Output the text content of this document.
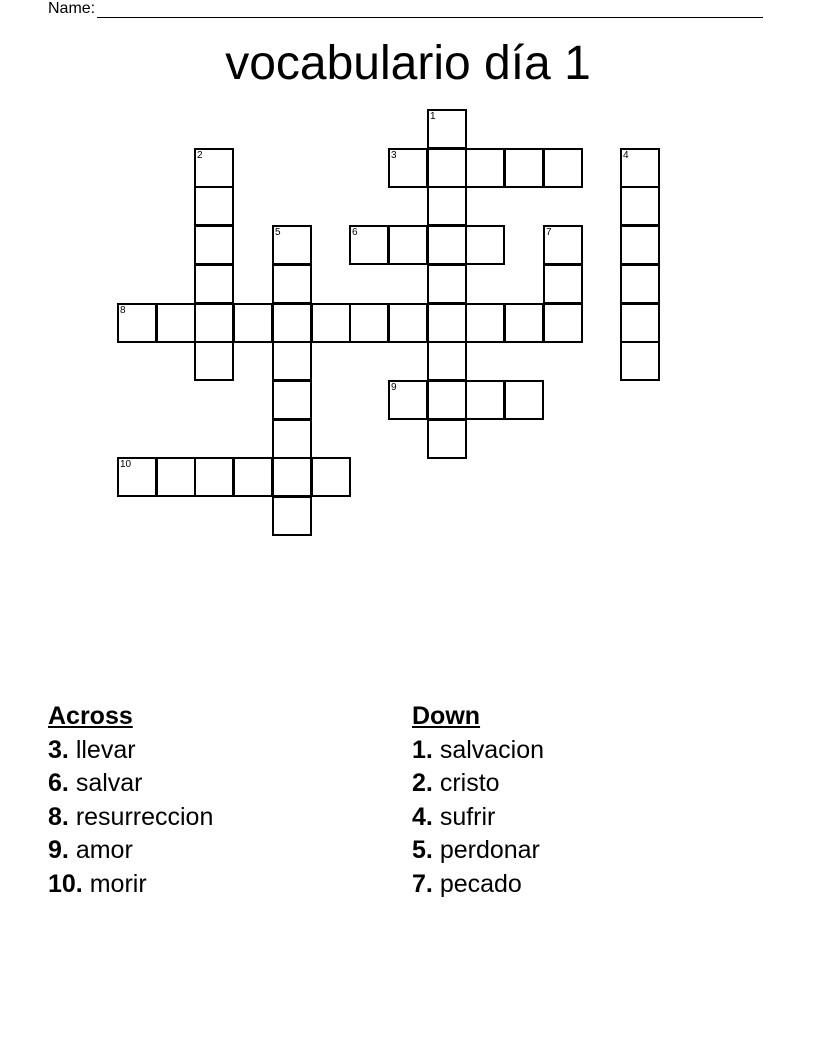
Name:
vocabulario día 1
1
2	3	4
5	6	7
8
9
10

Across

3. llevar

6. salvar

8. resurreccion

9. amor

10. morir

Down

1. salvacion

2. cristo

4. sufrir

5. perdonar

7. pecado
